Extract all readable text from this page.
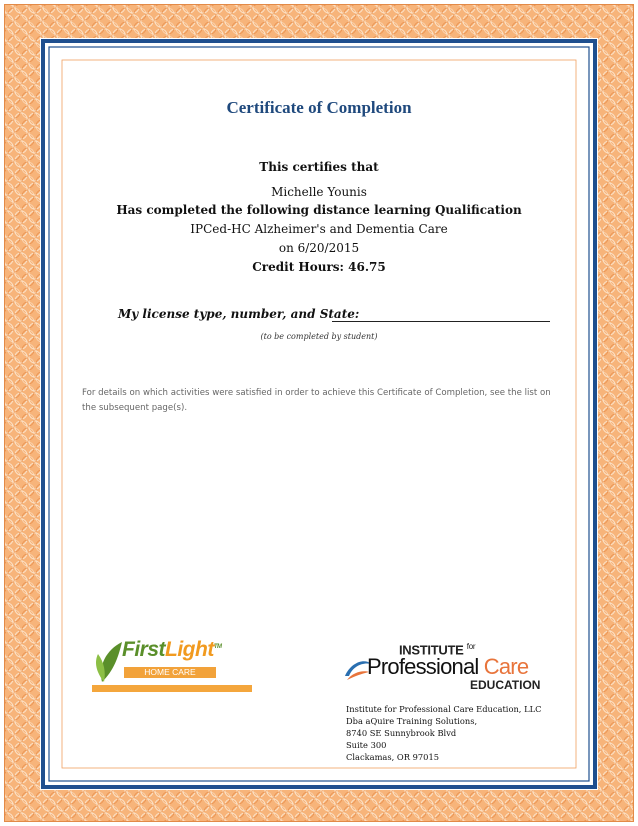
Certificate of Completion
This certifies that
Michelle Younis
Has completed the following distance learning Qualification
IPCed-HC Alzheimer's and Dementia Care
on 6/20/2015
Credit Hours: 46.75
My license type, number, and State:
(to be completed by student)
For details on which activities were satisfied in order to achieve this Certificate of Completion, see the list on the subsequent page(s).
FirstLight™
HOME CARE
INSTITUTE $^{for}$
Professional Care
EDUCATION
Institute for Professional Care Education, LLC
Dba aQuire Training Solutions,
8740 SE Sunnybrook Blvd
Suite 300
Clackamas, OR 97015
